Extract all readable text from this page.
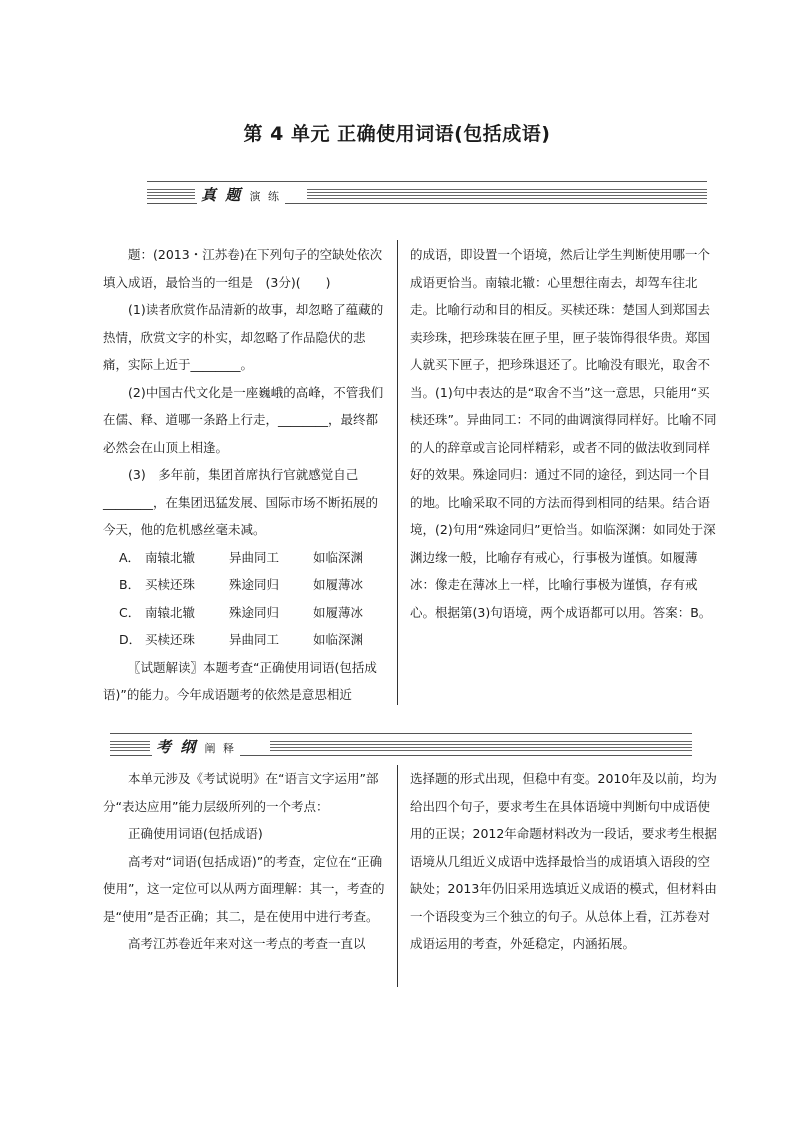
第 4 单元 正确使用词语(包括成语)
真 题 演 练

题：(2013・江苏卷)在下列句子的空缺处依次填入成语，最恰当的一组是　(3分)(　　)

(1)读者欣赏作品清新的故事，却忽略了蕴藏的热情，欣赏文字的朴实，却忽略了作品隐伏的悲痛，实际上近于________。

(2)中国古代文化是一座巍峨的高峰，不管我们在儒、释、道哪一条路上行走，________，最终都必然会在山顶上相逢。

(3)　多年前，集团首席执行官就感觉自己________，在集团迅猛发展、国际市场不断拓展的今天，他的危机感丝毫未减。

A． 南辕北辙	异曲同工	如临深渊
B． 买椟还珠	殊途同归	如履薄冰
C． 南辕北辙	殊途同归	如履薄冰
D． 买椟还珠	异曲同工	如临深渊

〖试题解读〗本题考查“正确使用词语(包括成语)”的能力。今年成语题考的依然是意思相近

的成语，即设置一个语境，然后让学生判断使用哪一个成语更恰当。南辕北辙：心里想往南去，却驾车往北走。比喻行动和目的相反。买椟还珠：楚国人到郑国去卖珍珠，把珍珠装在匣子里，匣子装饰得很华贵。郑国人就买下匣子，把珍珠退还了。比喻没有眼光，取舍不当。(1)句中表达的是“取舍不当”这一意思，只能用“买椟还珠”。异曲同工：不同的曲调演得同样好。比喻不同的人的辞章或言论同样精彩，或者不同的做法收到同样好的效果。殊途同归：通过不同的途径，到达同一个目的地。比喻采取不同的方法而得到相同的结果。结合语境，(2)句用“殊途同归”更恰当。如临深渊：如同处于深渊边缘一般，比喻存有戒心，行事极为谨慎。如履薄冰：像走在薄冰上一样，比喻行事极为谨慎，存有戒心。根据第(3)句语境，两个成语都可以用。答案：B。

考 纲 阐 释

本单元涉及《考试说明》在“语言文字运用”部分“表达应用”能力层级所列的一个考点：

正确使用词语(包括成语)

高考对“词语(包括成语)”的考查，定位在“正确使用”，这一定位可以从两方面理解：其一，考查的是“使用”是否正确；其二，是在使用中进行考查。

高考江苏卷近年来对这一考点的考查一直以

选择题的形式出现，但稳中有变。2010年及以前，均为给出四个句子，要求考生在具体语境中判断句中成语使用的正误；2012年命题材料改为一段话，要求考生根据语境从几组近义成语中选择最恰当的成语填入语段的空缺处；2013年仍旧采用选填近义成语的模式，但材料由一个语段变为三个独立的句子。从总体上看，江苏卷对成语运用的考查，外延稳定，内涵拓展。
